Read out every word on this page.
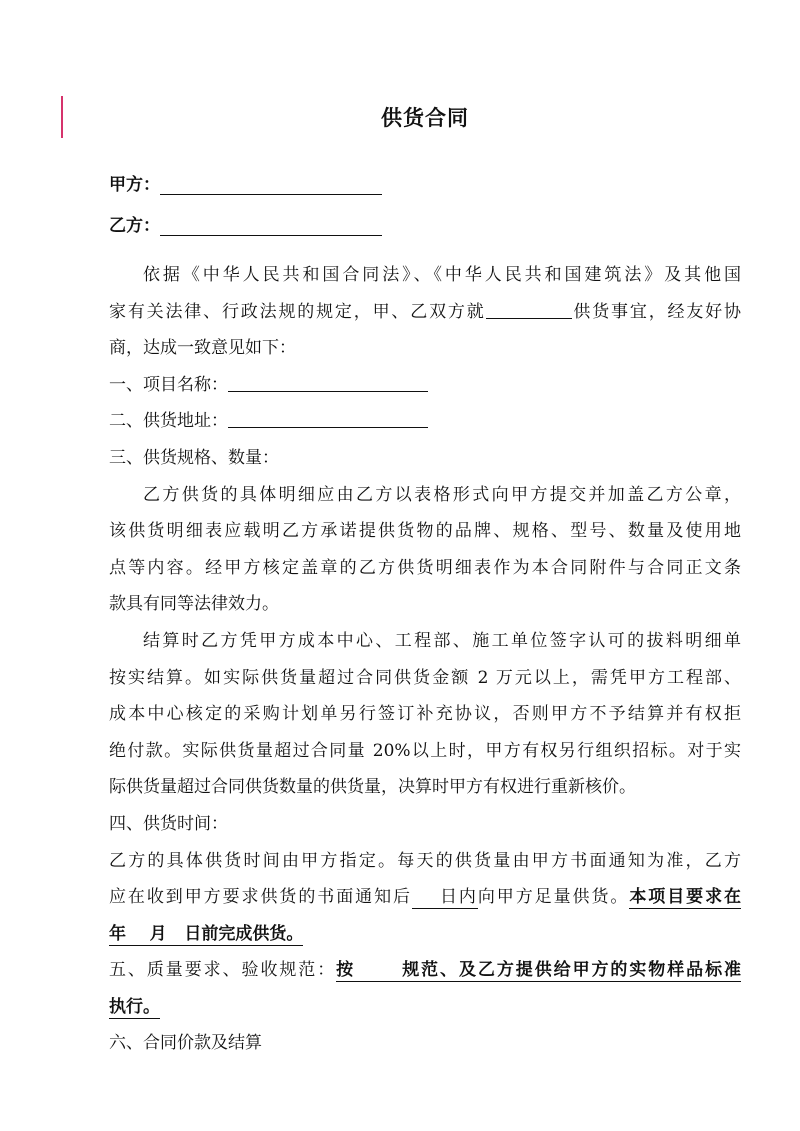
供货合同
甲方：
乙方：
依据《中华人民共和国合同法》、《中华人民共和国建筑法》及其他国
家有关法律、行政法规的规定，甲、乙双方就	供货事宜，经友好协
商，达成一致意见如下：
一、项目名称：
二、供货地址：
三、供货规格、数量：
乙方供货的具体明细应由乙方以表格形式向甲方提交并加盖乙方公章，
该供货明细表应载明乙方承诺提供货物的品牌、规格、型号、数量及使用地
点等内容。经甲方核定盖章的乙方供货明细表作为本合同附件与合同正文条
款具有同等法律效力。
结算时乙方凭甲方成本中心、工程部、施工单位签字认可的拔料明细单
按实结算。如实际供货量超过合同供货金额 2 万元以上，需凭甲方工程部、
成本中心核定的采购计划单另行签订补充协议，否则甲方不予结算并有权拒
绝付款。实际供货量超过合同量 20%以上时，甲方有权另行组织招标。对于实
际供货量超过合同供货数量的供货量，决算时甲方有权进行重新核价。
四、供货时间：
乙方的具体供货时间由甲方指定。每天的供货量由甲方书面通知为准，乙方
应在收到甲方要求供货的书面通知后 日内向甲方足量供货。本项目要求在
年    月   日前完成供货。
五、质量要求、验收规范：按      规范、及乙方提供给甲方的实物样品标准
执行。
六、合同价款及结算
